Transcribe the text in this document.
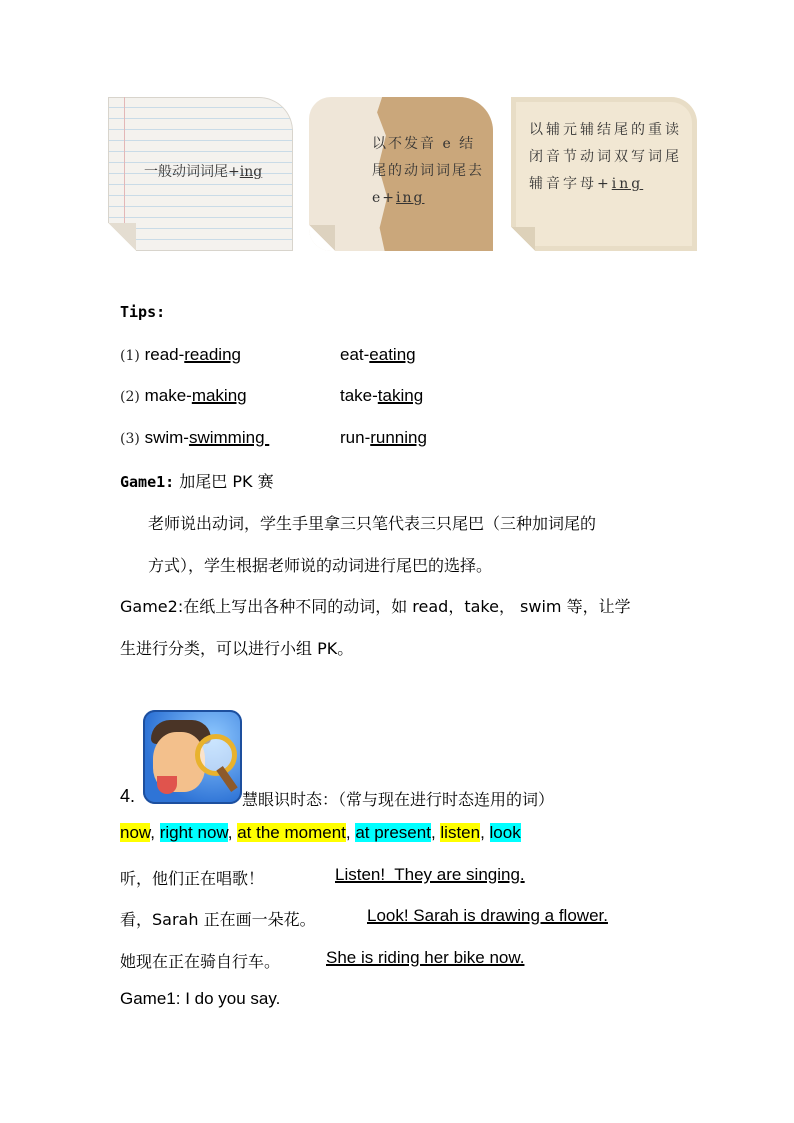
一般动词词尾+ing
以不发音 e 结尾的动词词尾去 e+ing
以辅元辅结尾的重读闭音节动词双写词尾辅音字母+ing
Tips:
(1) read-reading	eat-eating
(2) make-making	take-taking
(3) swim-swimming	run-running
Game1: 加尾巴 PK 赛
老师说出动词，学生手里拿三只笔代表三只尾巴（三种加词尾的
方式），学生根据老师说的动词进行尾巴的选择。
Game2:在纸上写出各种不同的动词，如 read，take， swim 等，让学
生进行分类，可以进行小组 PK。
4.	慧眼识时态：（常与现在进行时态连用的词）
now, right now, at the moment, at present, listen, look
听，他们正在唱歌！	Listen!  They are singing.
看，Sarah 正在画一朵花。	Look! Sarah is drawing a flower.
她现在正在骑自行车。	She is riding her bike now.
Game1: I do you say.
